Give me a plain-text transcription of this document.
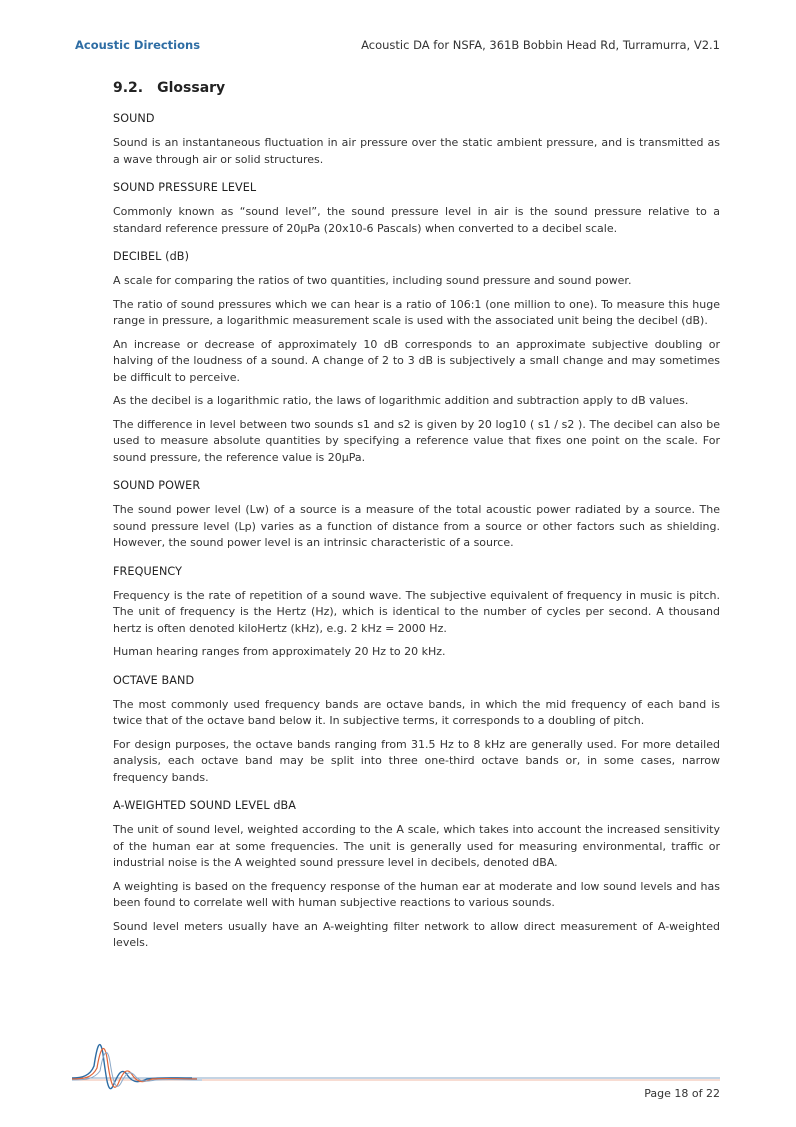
Acoustic Directions	Acoustic DA for NSFA, 361B Bobbin Head Rd, Turramurra, V2.1
9.2. Glossary
SOUND

Sound is an instantaneous fluctuation in air pressure over the static ambient pressure, and is transmitted as a wave through air or solid structures.

SOUND PRESSURE LEVEL

Commonly known as “sound level”, the sound pressure level in air is the sound pressure relative to a standard reference pressure of 20µPa (20x10-6 Pascals) when converted to a decibel scale.

DECIBEL (dB)

A scale for comparing the ratios of two quantities, including sound pressure and sound power.

The ratio of sound pressures which we can hear is a ratio of 106:1 (one million to one). To measure this huge range in pressure, a logarithmic measurement scale is used with the associated unit being the decibel (dB).

An increase or decrease of approximately 10 dB corresponds to an approximate subjective doubling or halving of the loudness of a sound. A change of 2 to 3 dB is subjectively a small change and may sometimes be difficult to perceive.

As the decibel is a logarithmic ratio, the laws of logarithmic addition and subtraction apply to dB values.

The difference in level between two sounds s1 and s2 is given by 20 log10 ( s1 / s2 ). The decibel can also be used to measure absolute quantities by specifying a reference value that fixes one point on the scale. For sound pressure, the reference value is 20µPa.

SOUND POWER

The sound power level (Lw) of a source is a measure of the total acoustic power radiated by a source. The sound pressure level (Lp) varies as a function of distance from a source or other factors such as shielding. However, the sound power level is an intrinsic characteristic of a source.

FREQUENCY

Frequency is the rate of repetition of a sound wave. The subjective equivalent of frequency in music is pitch. The unit of frequency is the Hertz (Hz), which is identical to the number of cycles per second. A thousand hertz is often denoted kiloHertz (kHz), e.g. 2 kHz = 2000 Hz.

Human hearing ranges from approximately 20 Hz to 20 kHz.

OCTAVE BAND

The most commonly used frequency bands are octave bands, in which the mid frequency of each band is twice that of the octave band below it. In subjective terms, it corresponds to a doubling of pitch.

For design purposes, the octave bands ranging from 31.5 Hz to 8 kHz are generally used. For more detailed analysis, each octave band may be split into three one-third octave bands or, in some cases, narrow frequency bands.

A-WEIGHTED SOUND LEVEL dBA

The unit of sound level, weighted according to the A scale, which takes into account the increased sensitivity of the human ear at some frequencies. The unit is generally used for measuring environmental, traffic or industrial noise is the A weighted sound pressure level in decibels, denoted dBA.

A weighting is based on the frequency response of the human ear at moderate and low sound levels and has been found to correlate well with human subjective reactions to various sounds.

Sound level meters usually have an A-weighting filter network to allow direct measurement of A-weighted levels.

Page 18 of 22
